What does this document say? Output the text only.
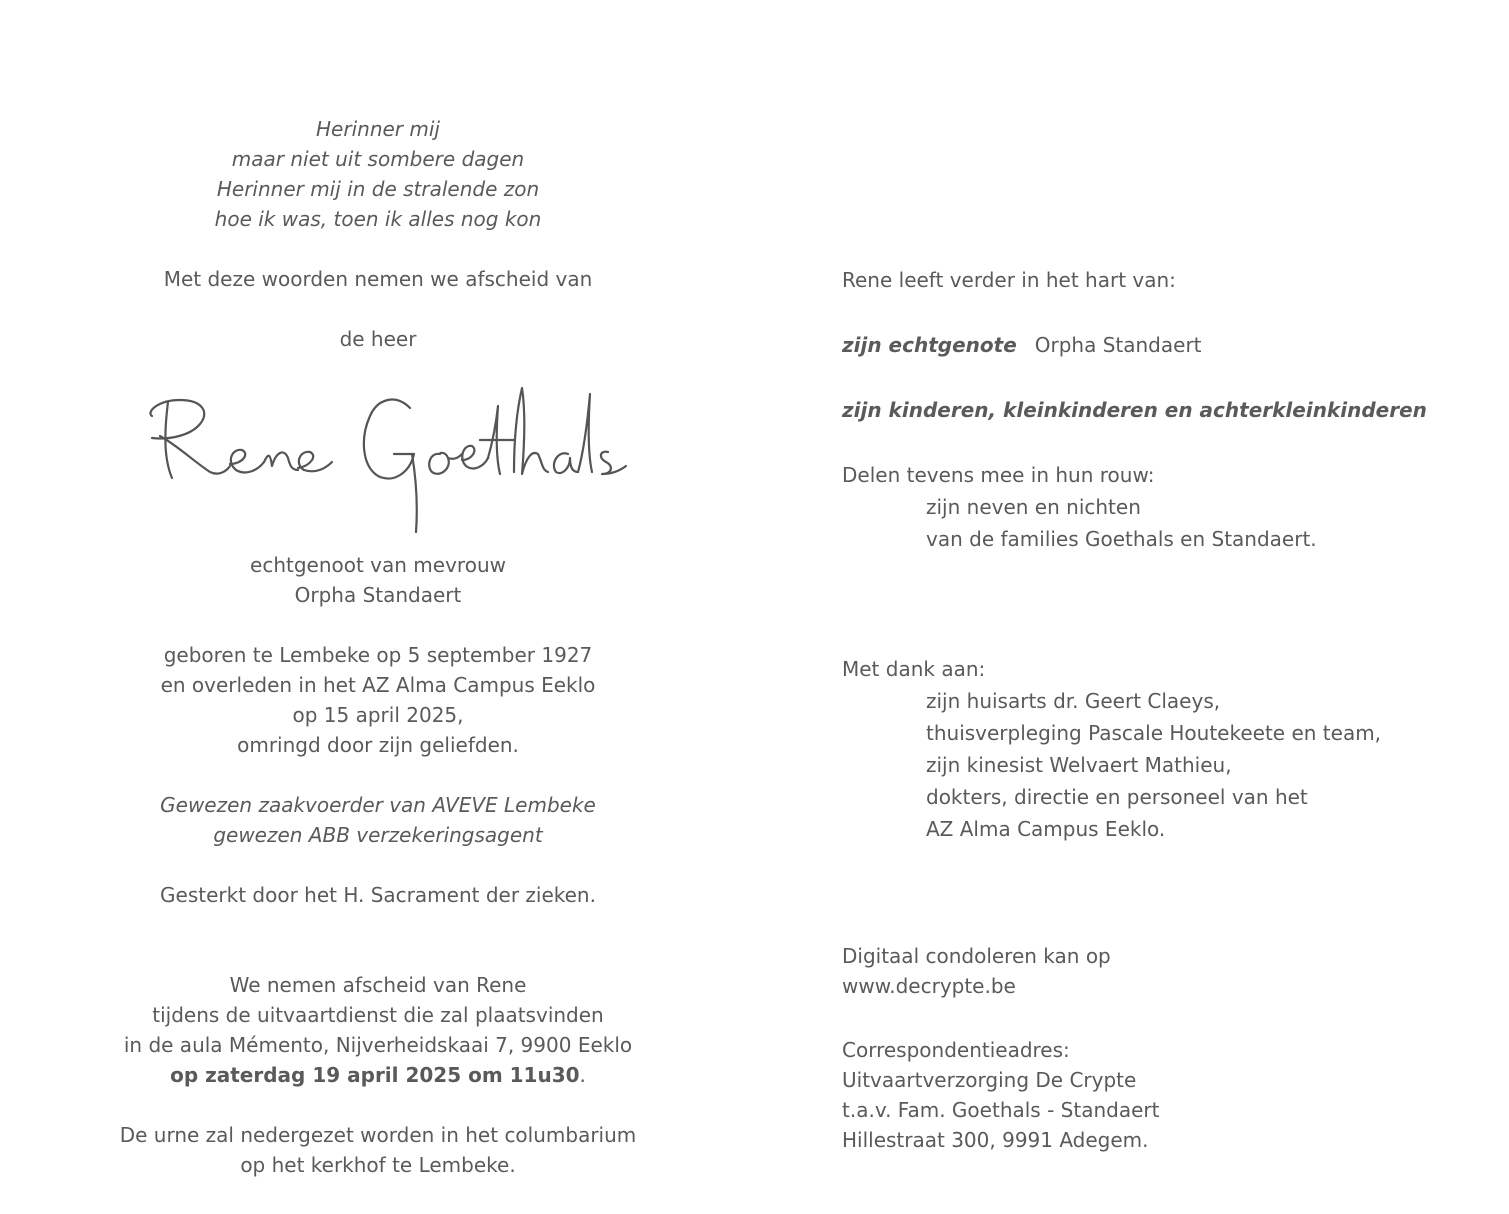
Herinner mij
maar niet uit sombere dagen
Herinner mij in de stralende zon
hoe ik was, toen ik alles nog kon
Met deze woorden nemen we afscheid van
de heer
echtgenoot van mevrouw
Orpha Standaert
geboren te Lembeke op 5 september 1927
en overleden in het AZ Alma Campus Eeklo
op 15 april 2025,
omringd door zijn geliefden.
Gewezen zaakvoerder van AVEVE Lembeke
gewezen ABB verzekeringsagent
Gesterkt door het H. Sacrament der zieken.
We nemen afscheid van Rene
tijdens de uitvaartdienst die zal plaatsvinden
in de aula Mémento, Nijverheidskaai 7, 9900 Eeklo
op zaterdag 19 april 2025 om 11u30.
De urne zal nedergezet worden in het columbarium
op het kerkhof te Lembeke.
Rene leeft verder in het hart van:
zijn echtgenote Orpha Standaert
zijn kinderen, kleinkinderen en achterkleinkinderen
Delen tevens mee in hun rouw:
zijn neven en nichten
van de families Goethals en Standaert.
Met dank aan:
zijn huisarts dr. Geert Claeys,
thuisverpleging Pascale Houtekeete en team,
zijn kinesist Welvaert Mathieu,
dokters, directie en personeel van het
AZ Alma Campus Eeklo.
Digitaal condoleren kan op
www.decrypte.be
Correspondentieadres:
Uitvaartverzorging De Crypte
t.a.v. Fam. Goethals - Standaert
Hillestraat 300, 9991 Adegem.
